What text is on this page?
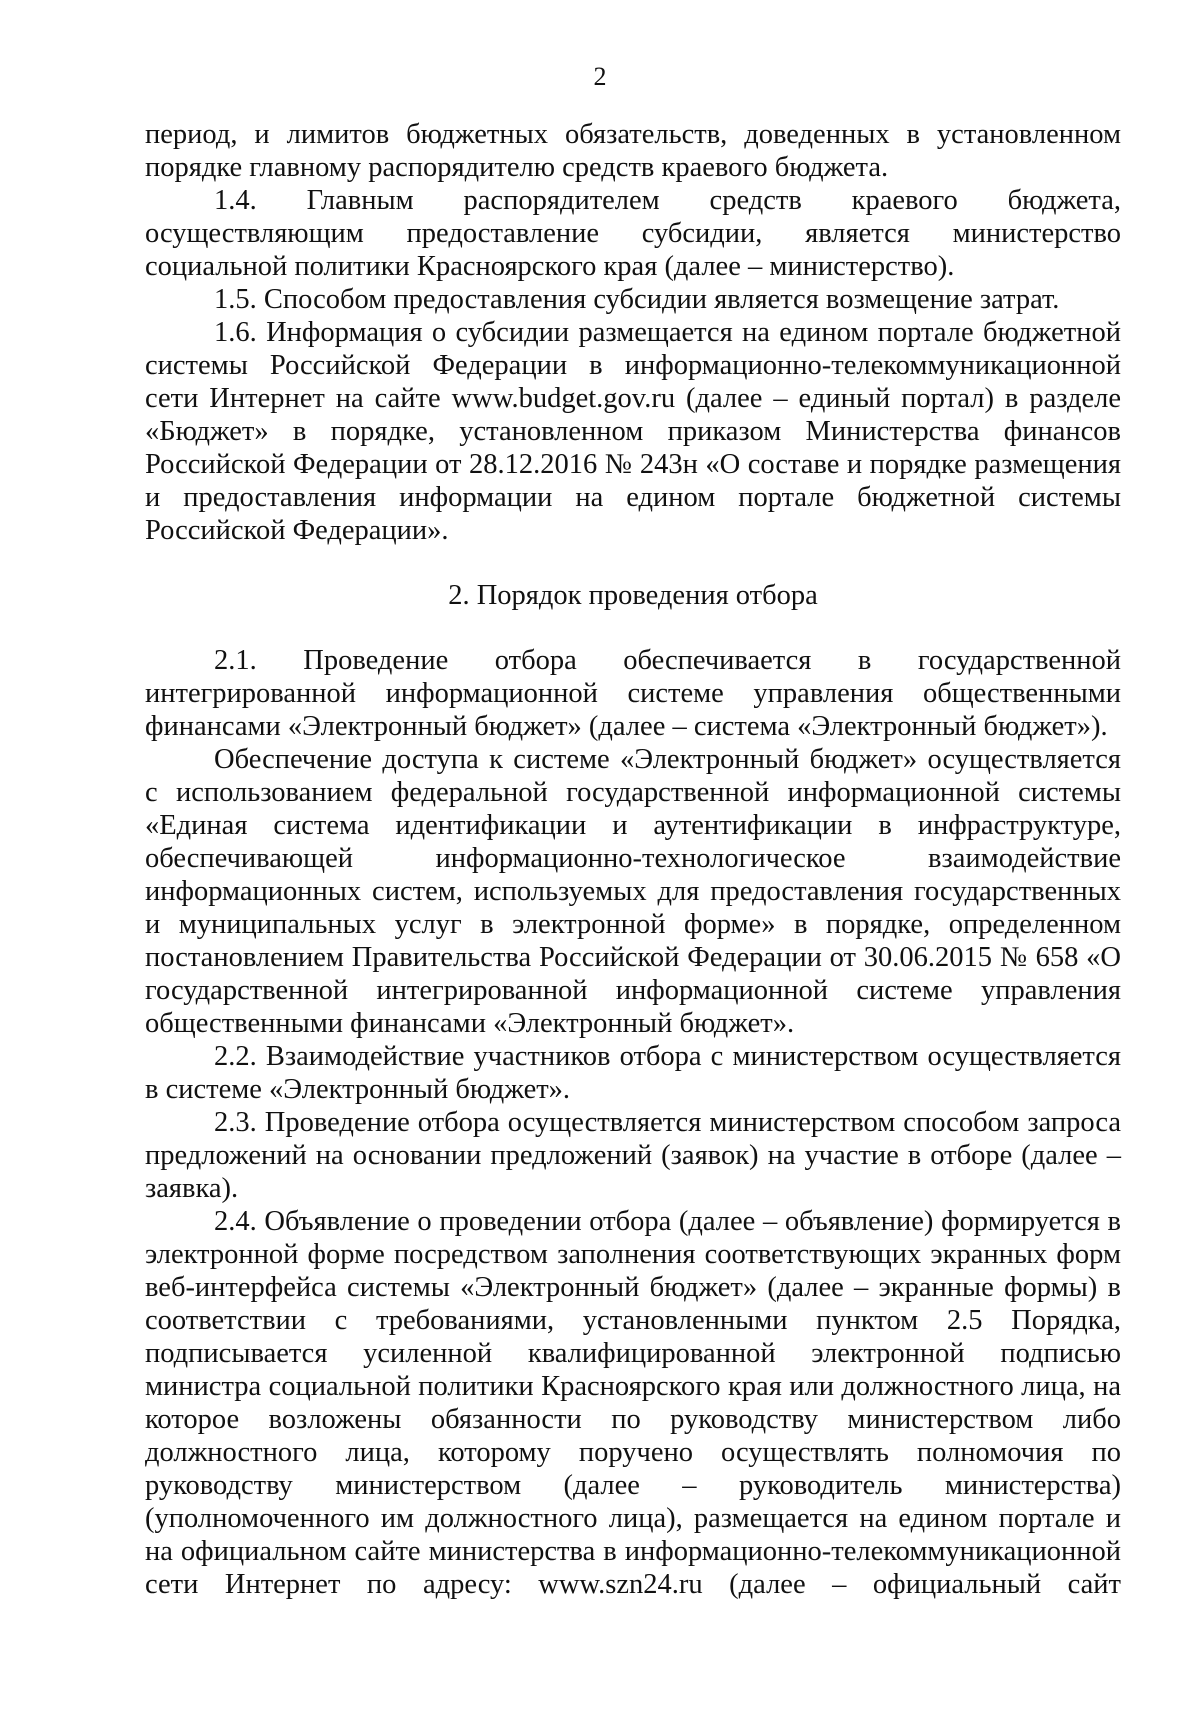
2

период, и лимитов бюджетных обязательств, доведенных в установленном порядке главному распорядителю средств краевого бюджета.

1.4. Главным распорядителем средств краевого бюджета, осуществляющим предоставление субсидии, является министерство социальной политики Красноярского края (далее – министерство).

1.5. Способом предоставления субсидии является возмещение затрат.

1.6. Информация о субсидии размещается на едином портале бюджетной системы Российской Федерации в информационно-телекоммуникационной сети Интернет на сайте www.budget.gov.ru (далее – единый портал) в разделе «Бюджет» в порядке, установленном приказом Министерства финансов Российской Федерации от 28.12.2016 № 243н «О составе и порядке размещения и предоставления информации на едином портале бюджетной системы Российской Федерации».

2. Порядок проведения отбора

2.1. Проведение отбора обеспечивается в государственной интегрированной информационной системе управления общественными финансами «Электронный бюджет» (далее – система «Электронный бюджет»).

Обеспечение доступа к системе «Электронный бюджет» осуществляется с использованием федеральной государственной информационной системы «Единая система идентификации и аутентификации в инфраструктуре, обеспечивающей информационно-технологическое взаимодействие информационных систем, используемых для предоставления государственных и муниципальных услуг в электронной форме» в порядке, определенном постановлением Правительства Российской Федерации от 30.06.2015 № 658 «О государственной интегрированной информационной системе управления общественными финансами «Электронный бюджет».

2.2. Взаимодействие участников отбора с министерством осуществляется в системе «Электронный бюджет».

2.3. Проведение отбора осуществляется министерством способом запроса предложений на основании предложений (заявок) на участие в отборе (далее – заявка).

2.4. Объявление о проведении отбора (далее – объявление) формируется в электронной форме посредством заполнения соответствующих экранных форм веб-интерфейса системы «Электронный бюджет» (далее – экранные формы) в соответствии с требованиями, установленными пунктом 2.5 Порядка, подписывается усиленной квалифицированной электронной подписью министра социальной политики Красноярского края или должностного лица, на которое возложены обязанности по руководству министерством либо должностного лица, которому поручено осуществлять полномочия по руководству министерством (далее – руководитель министерства) (уполномоченного им должностного лица), размещается на едином портале и на официальном сайте министерства в информационно-телекоммуникационной сети Интернет по адресу: www.szn24.ru (далее – официальный сайт
